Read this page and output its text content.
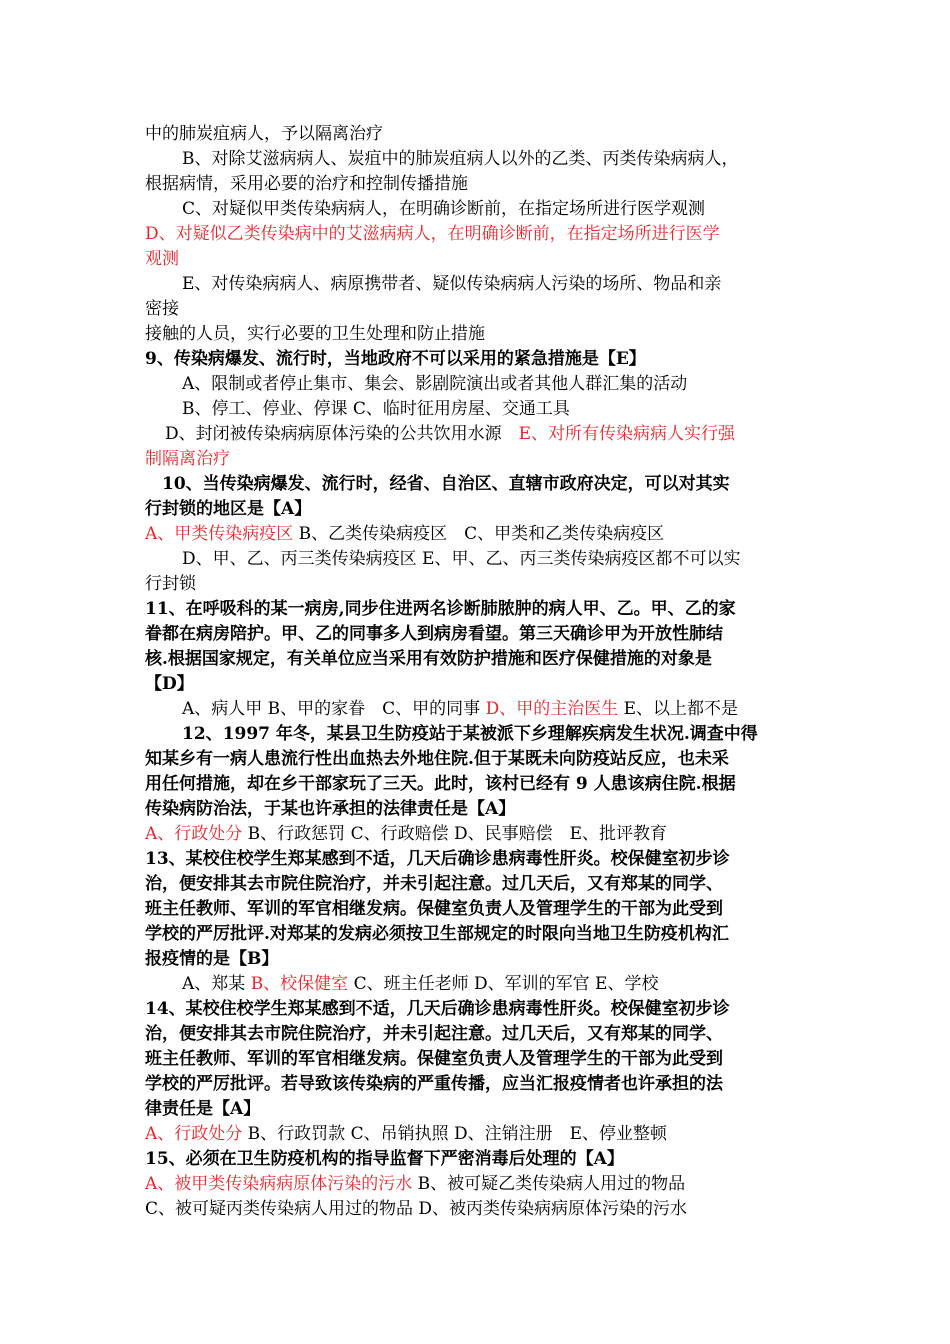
中的肺炭疽病人，予以隔离治疗
B、对除艾滋病病人、炭疽中的肺炭疽病人以外的乙类、丙类传染病病人，
根据病情，采用必要的治疗和控制传播措施
C、对疑似甲类传染病病人，在明确诊断前，在指定场所进行医学观测
D、对疑似乙类传染病中的艾滋病病人，在明确诊断前，在指定场所进行医学
观测
E、对传染病病人、病原携带者、疑似传染病病人污染的场所、物品和亲
密接
接触的人员，实行必要的卫生处理和防止措施
9、传染病爆发、流行时，当地政府不可以采用的紧急措施是【E】
A、限制或者停止集市、集会、影剧院演出或者其他人群汇集的活动
B、停工、停业、停课 C、临时征用房屋、交通工具
D、封闭被传染病病原体污染的公共饮用水源　E、对所有传染病病人实行强
制隔离治疗
10、当传染病爆发、流行时，经省、自治区、直辖市政府决定，可以对其实
行封锁的地区是【A】
A、甲类传染病疫区 B、乙类传染病疫区　C、甲类和乙类传染病疫区
D、甲、乙、丙三类传染病疫区 E、甲、乙、丙三类传染病疫区都不可以实
行封锁
11、在呼吸科的某一病房,同步住进两名诊断肺脓肿的病人甲、乙。甲、乙的家
眷都在病房陪护。甲、乙的同事多人到病房看望。第三天确诊甲为开放性肺结
核.根据国家规定，有关单位应当采用有效防护措施和医疗保健措施的对象是
【D】
A、病人甲 B、甲的家眷　C、甲的同事 D、甲的主治医生 E、以上都不是
12、1997 年冬，某县卫生防疫站于某被派下乡理解疾病发生状况.调查中得
知某乡有一病人患流行性出血热去外地住院.但于某既未向防疫站反应，也未采
用任何措施，却在乡干部家玩了三天。此时，该村已经有 9 人患该病住院.根据
传染病防治法，于某也许承担的法律责任是【A】
A、行政处分 B、行政惩罚 C、行政赔偿 D、民事赔偿　E、批评教育
13、某校住校学生郑某感到不适，几天后确诊患病毒性肝炎。校保健室初步诊
治，便安排其去市院住院治疗，并未引起注意。过几天后，又有郑某的同学、
班主任教师、军训的军官相继发病。保健室负责人及管理学生的干部为此受到
学校的严厉批评.对郑某的发病必须按卫生部规定的时限向当地卫生防疫机构汇
报疫情的是【B】
A、郑某 B、校保健室 C、班主任老师 D、军训的军官 E、学校
14、某校住校学生郑某感到不适，几天后确诊患病毒性肝炎。校保健室初步诊
治，便安排其去市院住院治疗，并未引起注意。过几天后，又有郑某的同学、
班主任教师、军训的军官相继发病。保健室负责人及管理学生的干部为此受到
学校的严厉批评。若导致该传染病的严重传播，应当汇报疫情者也许承担的法
律责任是【A】
A、行政处分 B、行政罚款 C、吊销执照 D、注销注册　E、停业整顿
15、必须在卫生防疫机构的指导监督下严密消毒后处理的【A】
A、被甲类传染病病原体污染的污水 B、被可疑乙类传染病人用过的物品
C、被可疑丙类传染病人用过的物品 D、被丙类传染病病原体污染的污水
